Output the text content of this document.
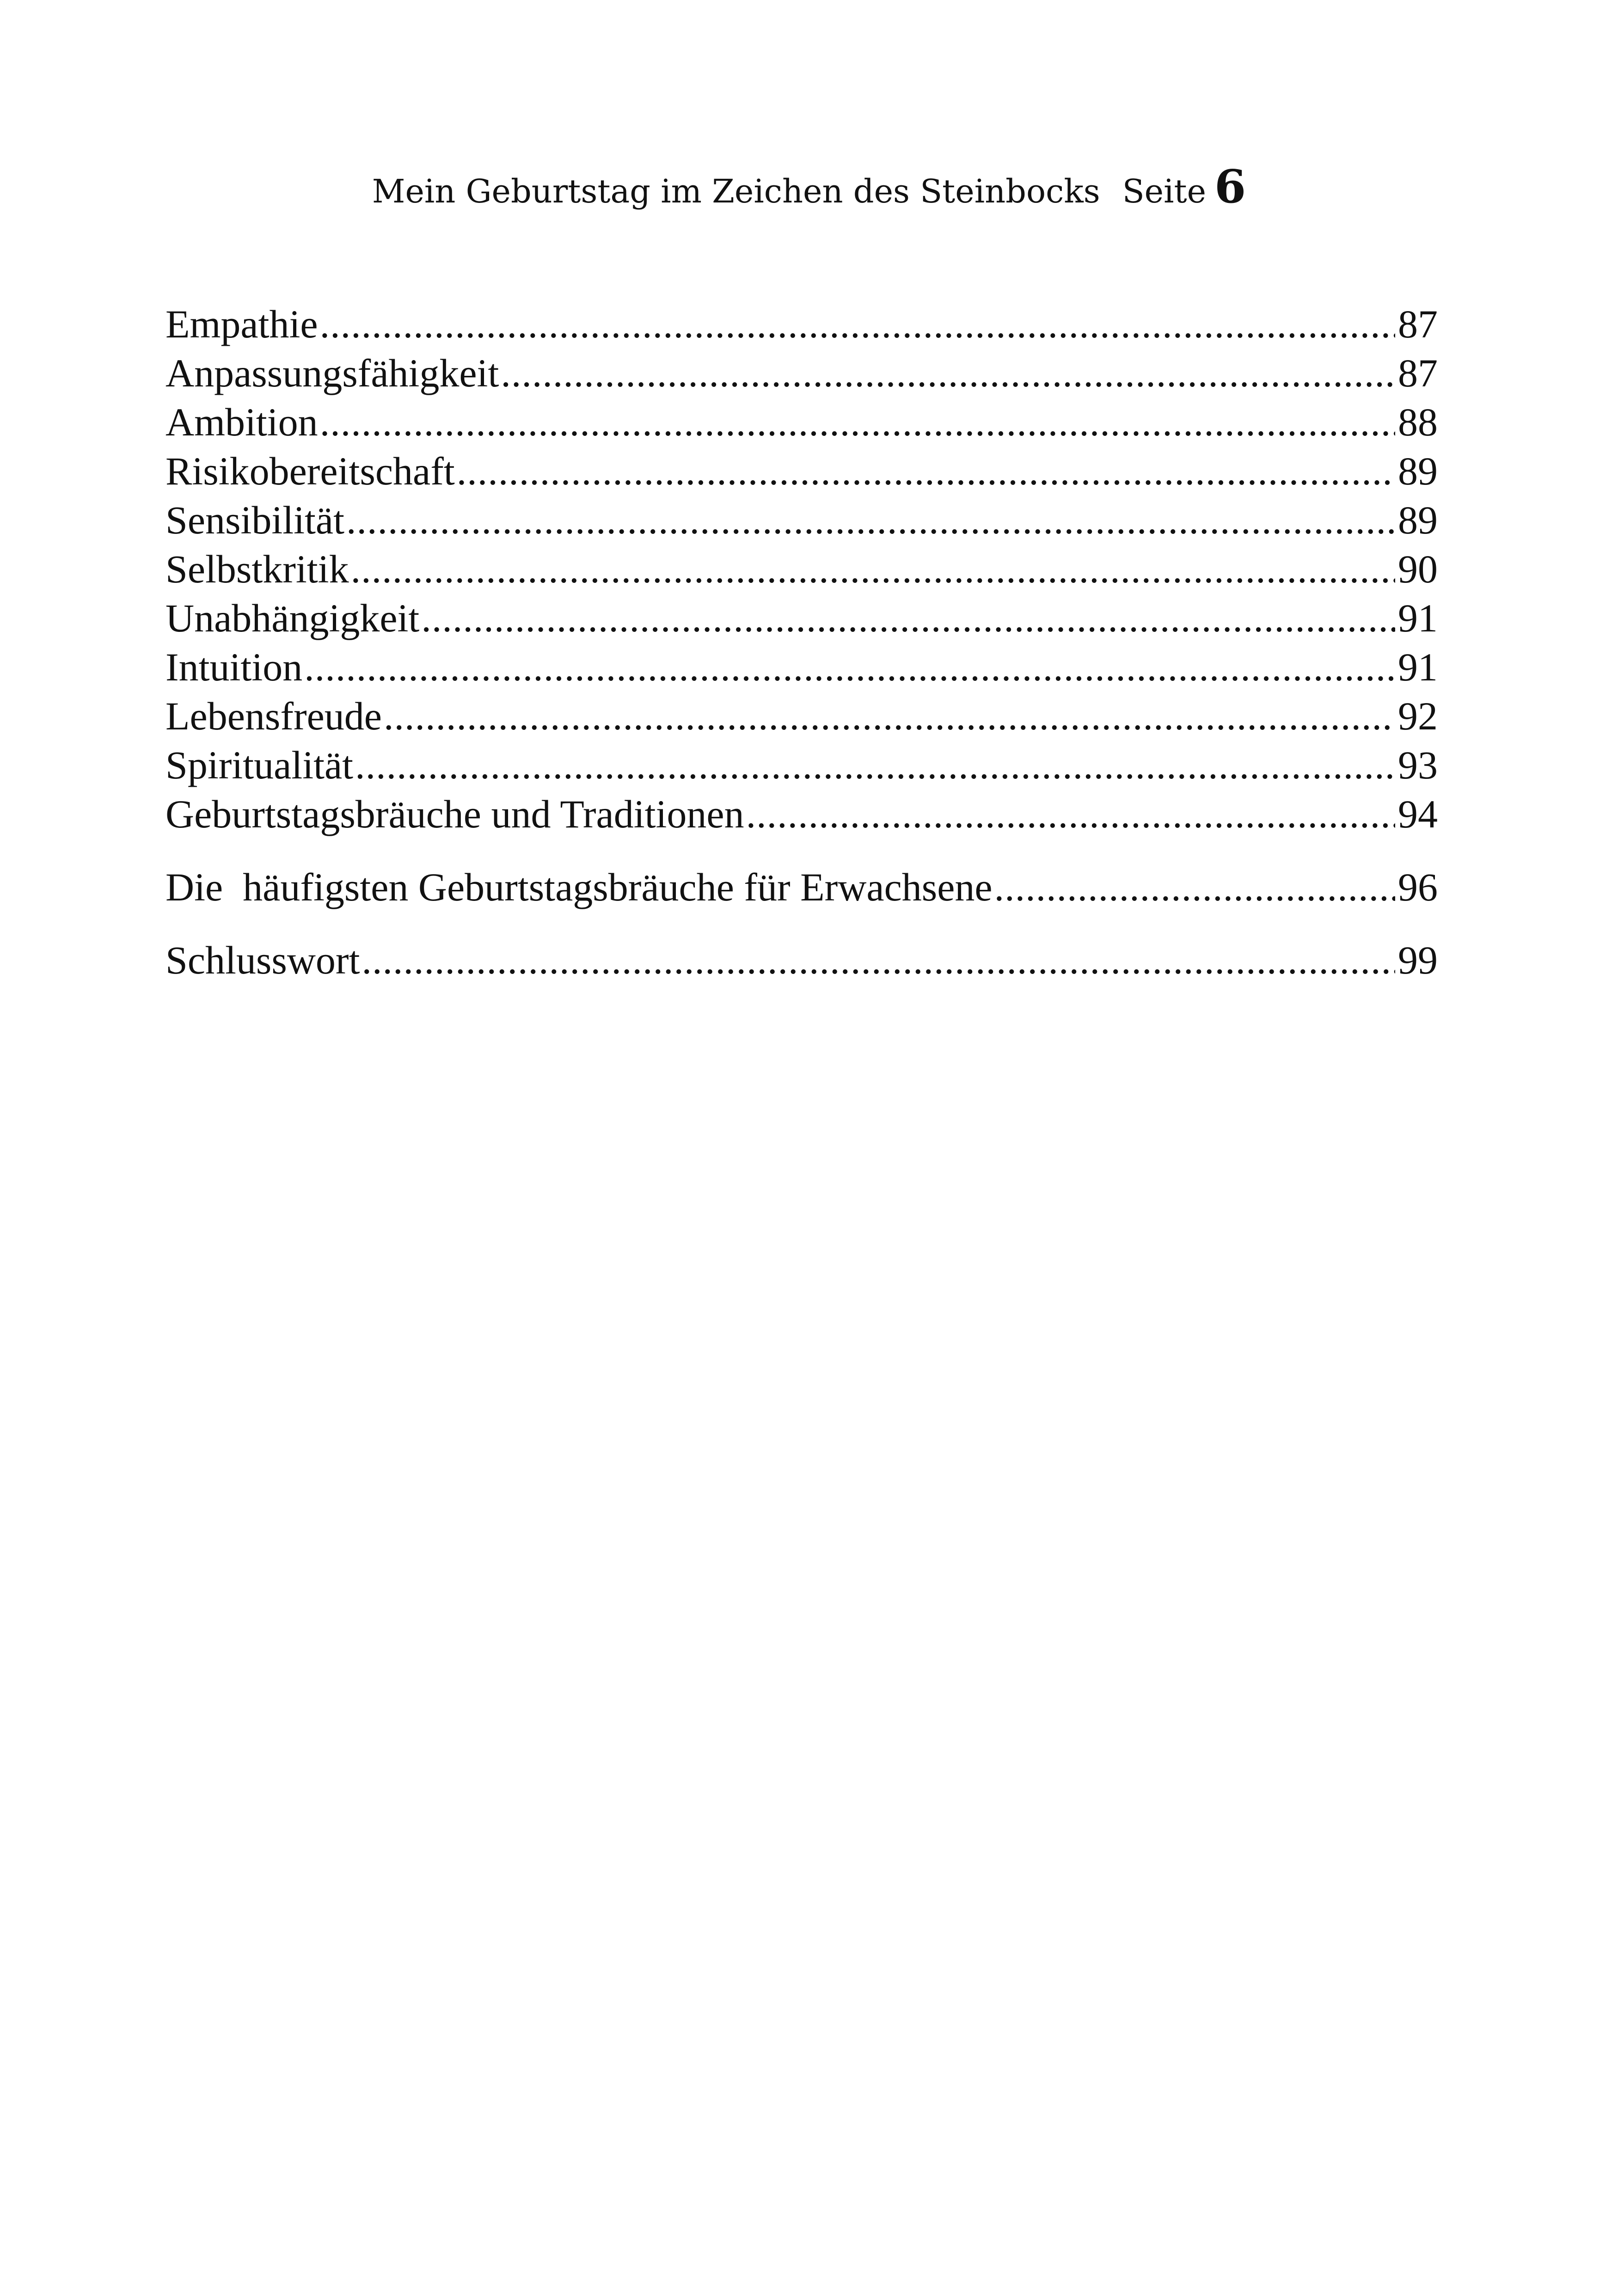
Mein Geburtstag im Zeichen des Steinbocks Seite 6
Empathie .....	87
Anpassungsfähigkeit .....	87
Ambition .....	88
Risikobereitschaft .....	89
Sensibilität .....	89
Selbstkritik .....	90
Unabhängigkeit .....	91
Intuition .....	91
Lebensfreude .....	92
Spiritualität .....	93
Geburtstagsbräuche und Traditionen .....	94
Die  häufigsten Geburtstagsbräuche für Erwachsene .....	96
Schlusswort .....	99
